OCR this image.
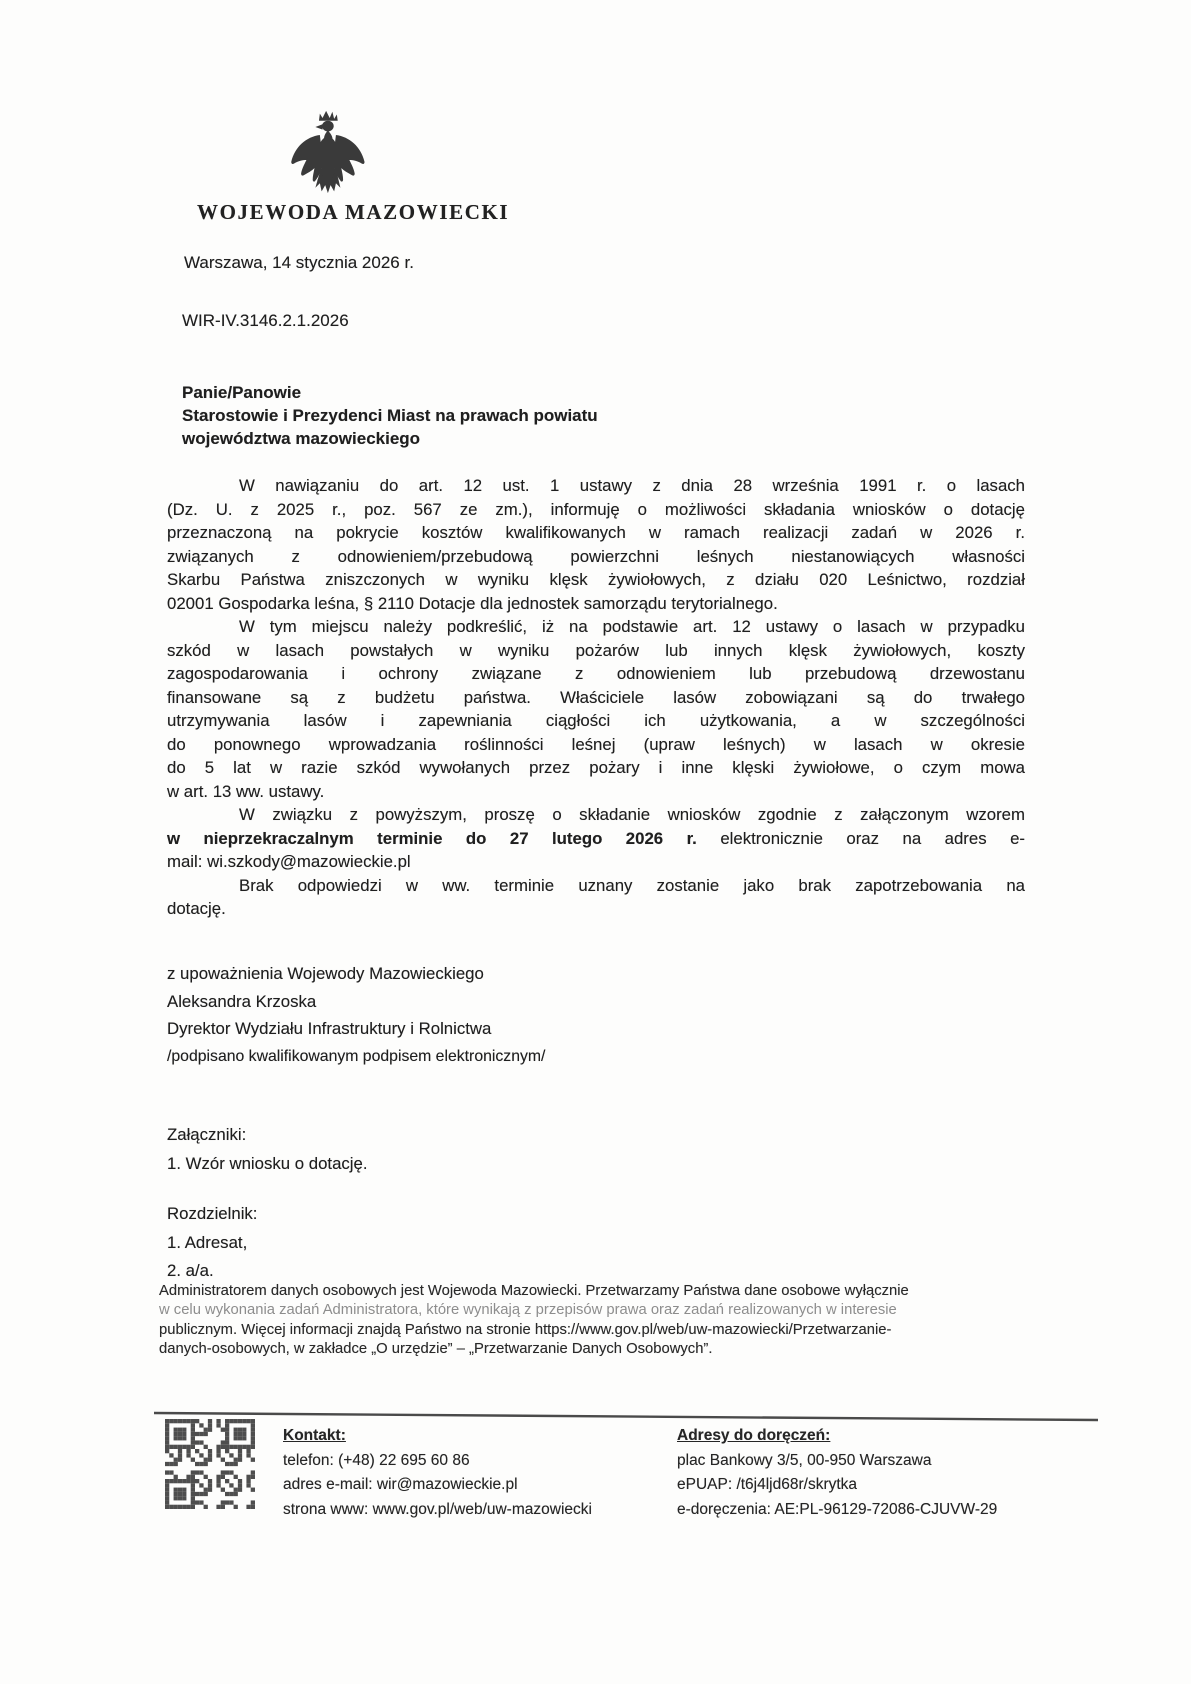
WOJEWODA MAZOWIECKI
Warszawa, 14 stycznia 2026 r.
WIR-IV.3146.2.1.2026
Panie/Panowie
Starostowie i Prezydenci Miast na prawach powiatu
województwa mazowieckiego
W nawiązaniu do art. 12 ust. 1 ustawy z dnia 28 września 1991 r. o lasach
(Dz. U. z 2025 r., poz. 567 ze zm.), informuję o możliwości składania wniosków o dotację
przeznaczoną na pokrycie kosztów kwalifikowanych w ramach realizacji zadań w 2026 r.
związanych z odnowieniem/przebudową powierzchni leśnych niestanowiących własności
Skarbu Państwa zniszczonych w wyniku klęsk żywiołowych, z działu 020 Leśnictwo, rozdział
02001 Gospodarka leśna, § 2110 Dotacje dla jednostek samorządu terytorialnego.
W tym miejscu należy podkreślić, iż na podstawie art. 12 ustawy o lasach w przypadku
szkód w lasach powstałych w wyniku pożarów lub innych klęsk żywiołowych, koszty
zagospodarowania i ochrony związane z odnowieniem lub przebudową drzewostanu
finansowane są z budżetu państwa. Właściciele lasów zobowiązani są do trwałego
utrzymywania lasów i zapewniania ciągłości ich użytkowania, a w szczególności
do ponownego wprowadzania roślinności leśnej (upraw leśnych) w lasach w okresie
do 5 lat w razie szkód wywołanych przez pożary i inne klęski żywiołowe, o czym mowa
w art. 13 ww. ustawy.
W związku z powyższym, proszę o składanie wniosków zgodnie z załączonym wzorem
w nieprzekraczalnym terminie do 27 lutego 2026 r. elektronicznie oraz na adres e-
mail: wi.szkody@mazowieckie.pl
Brak odpowiedzi w ww. terminie uznany zostanie jako brak zapotrzebowania na
dotację.
z upoważnienia Wojewody Mazowieckiego
Aleksandra Krzoska
Dyrektor Wydziału Infrastruktury i Rolnictwa
/podpisano kwalifikowanym podpisem elektronicznym/
Załączniki:
1. Wzór wniosku o dotację.
Rozdzielnik:
1. Adresat,
2. a/a.
Administratorem danych osobowych jest Wojewoda Mazowiecki. Przetwarzamy Państwa dane osobowe wyłącznie
w celu wykonania zadań Administratora, które wynikają z przepisów prawa oraz zadań realizowanych w interesie
publicznym. Więcej informacji znajdą Państwo na stronie https://www.gov.pl/web/uw-mazowiecki/Przetwarzanie-
danych-osobowych, w zakładce „O urzędzie” – „Przetwarzanie Danych Osobowych”.
Kontakt:
telefon: (+48) 22 695 60 86
adres e-mail: wir@mazowieckie.pl
strona www: www.gov.pl/web/uw-mazowiecki
Adresy do doręczeń:
plac Bankowy 3/5, 00-950 Warszawa
ePUAP: /t6j4ljd68r/skrytka
e-doręczenia: AE:PL-96129-72086-CJUVW-29
